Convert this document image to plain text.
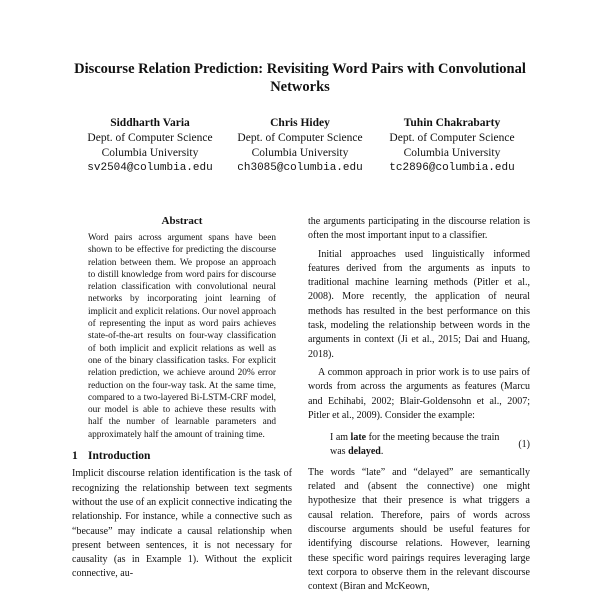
Discourse Relation Prediction: Revisiting Word Pairs with Convolutional Networks
Siddharth Varia
Dept. of Computer Science
Columbia University
sv2504@columbia.edu
Chris Hidey
Dept. of Computer Science
Columbia University
ch3085@columbia.edu
Tuhin Chakrabarty
Dept. of Computer Science
Columbia University
tc2896@columbia.edu
Abstract

Word pairs across argument spans have been shown to be effective for predicting the discourse relation between them. We propose an approach to distill knowledge from word pairs for discourse relation classification with convolutional neural networks by incorporating joint learning of implicit and explicit relations. Our novel approach of representing the input as word pairs achieves state-of-the-art results on four-way classification of both implicit and explicit relations as well as one of the binary classification tasks. For explicit relation prediction, we achieve around 20% error reduction on the four-way task. At the same time, compared to a two-layered Bi-LSTM-CRF model, our model is able to achieve these results with half the number of learnable parameters and approximately half the amount of training time.

1 Introduction

Implicit discourse relation identification is the task of recognizing the relationship between text segments without the use of an explicit connective indicating the relationship. For instance, while a connective such as “because” may indicate a causal relationship when present between sentences, it is not necessary for causality (as in Example 1). Without the explicit connective, au-

the arguments participating in the discourse relation is often the most important input to a classifier.

Initial approaches used linguistically informed features derived from the arguments as inputs to traditional machine learning methods (Pitler et al., 2008). More recently, the application of neural methods has resulted in the best performance on this task, modeling the relationship between words in the arguments in context (Ji et al., 2015; Dai and Huang, 2018).

A common approach in prior work is to use pairs of words from across the arguments as features (Marcu and Echihabi, 2002; Blair-Goldensohn et al., 2007; Pitler et al., 2009). Consider the example:

I am late for the meeting because the train was delayed.
(1)

The words “late” and “delayed” are semantically related and (absent the connective) one might hypothesize that their presence is what triggers a causal relation. Therefore, pairs of words across discourse arguments should be useful features for identifying discourse relations. However, learning these specific word pairings requires leveraging large text corpora to observe them in the relevant discourse context (Biran and McKeown,
